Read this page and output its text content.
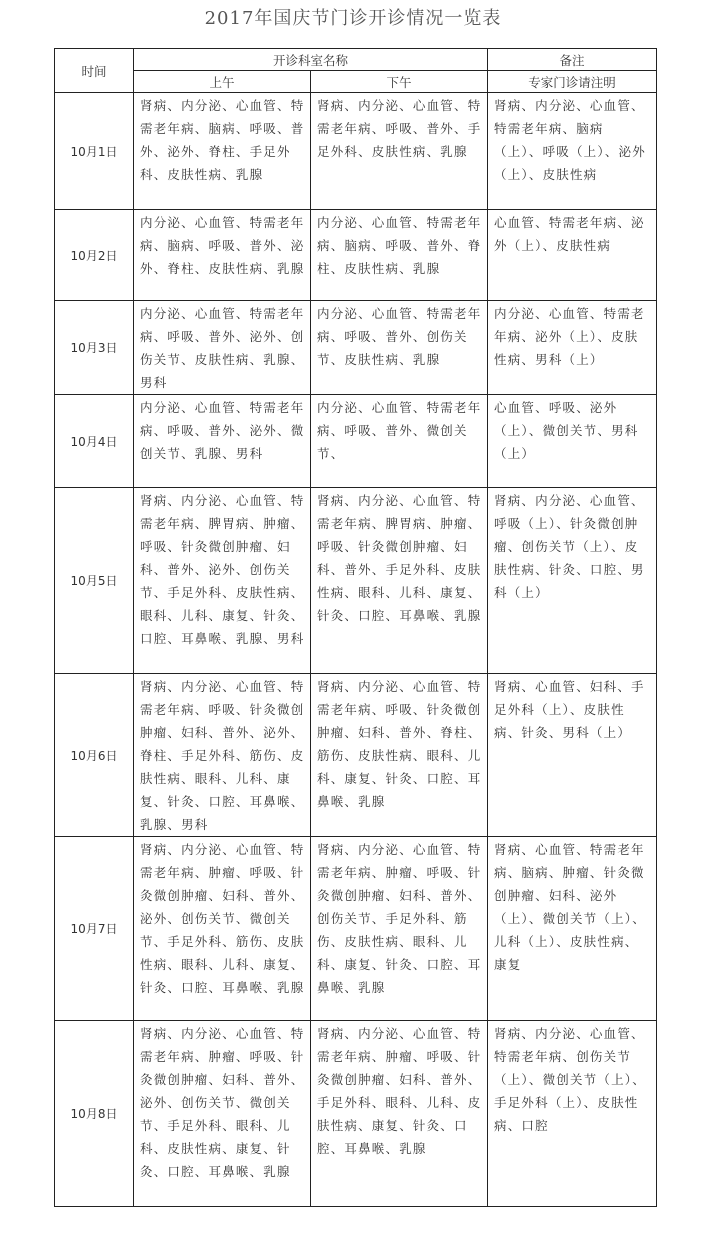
2017年国庆节门诊开诊情况一览表
时间	开诊科室名称		备注
	上午	下午	专家门诊请注明
10月1日	肾病、内分泌、心血管、特需老年病、脑病、呼吸、普外、泌外、脊柱、手足外科、皮肤性病、乳腺	肾病、内分泌、心血管、特需老年病、呼吸、普外、手足外科、皮肤性病、乳腺	肾病、内分泌、心血管、特需老年病、脑病（上）、呼吸（上）、泌外（上）、皮肤性病
10月2日	内分泌、心血管、特需老年病、脑病、呼吸、普外、泌外、脊柱、皮肤性病、乳腺	内分泌、心血管、特需老年病、脑病、呼吸、普外、脊柱、皮肤性病、乳腺	心血管、特需老年病、泌外（上）、皮肤性病
10月3日	内分泌、心血管、特需老年病、呼吸、普外、泌外、创伤关节、皮肤性病、乳腺、男科	内分泌、心血管、特需老年病、呼吸、普外、创伤关节、皮肤性病、乳腺	内分泌、心血管、特需老年病、泌外（上）、皮肤性病、男科（上）
10月4日	内分泌、心血管、特需老年病、呼吸、普外、泌外、微创关节、乳腺、男科	内分泌、心血管、特需老年病、呼吸、普外、微创关节、	心血管、呼吸、泌外（上）、微创关节、男科（上）
10月5日	肾病、内分泌、心血管、特需老年病、脾胃病、肿瘤、呼吸、针灸微创肿瘤、妇科、普外、泌外、创伤关节、手足外科、皮肤性病、眼科、儿科、康复、针灸、口腔、耳鼻喉、乳腺、男科	肾病、内分泌、心血管、特需老年病、脾胃病、肿瘤、呼吸、针灸微创肿瘤、妇科、普外、手足外科、皮肤性病、眼科、儿科、康复、针灸、口腔、耳鼻喉、乳腺	肾病、内分泌、心血管、呼吸（上）、针灸微创肿瘤、创伤关节（上）、皮肤性病、针灸、口腔、男科（上）
10月6日	肾病、内分泌、心血管、特需老年病、呼吸、针灸微创肿瘤、妇科、普外、泌外、脊柱、手足外科、筋伤、皮肤性病、眼科、儿科、康复、针灸、口腔、耳鼻喉、乳腺、男科	肾病、内分泌、心血管、特需老年病、呼吸、针灸微创肿瘤、妇科、普外、脊柱、筋伤、皮肤性病、眼科、儿科、康复、针灸、口腔、耳鼻喉、乳腺	肾病、心血管、妇科、手足外科（上）、皮肤性病、针灸、男科（上）
10月7日	肾病、内分泌、心血管、特需老年病、肿瘤、呼吸、针灸微创肿瘤、妇科、普外、泌外、创伤关节、微创关节、手足外科、筋伤、皮肤性病、眼科、儿科、康复、针灸、口腔、耳鼻喉、乳腺	肾病、内分泌、心血管、特需老年病、肿瘤、呼吸、针灸微创肿瘤、妇科、普外、创伤关节、手足外科、筋伤、皮肤性病、眼科、儿科、康复、针灸、口腔、耳鼻喉、乳腺	肾病、心血管、特需老年病、脑病、肿瘤、针灸微创肿瘤、妇科、泌外（上）、微创关节（上）、儿科（上）、皮肤性病、康复
10月8日	肾病、内分泌、心血管、特需老年病、肿瘤、呼吸、针灸微创肿瘤、妇科、普外、泌外、创伤关节、微创关节、手足外科、眼科、儿科、皮肤性病、康复、针灸、口腔、耳鼻喉、乳腺	肾病、内分泌、心血管、特需老年病、肿瘤、呼吸、针灸微创肿瘤、妇科、普外、手足外科、眼科、儿科、皮肤性病、康复、针灸、口腔、耳鼻喉、乳腺	肾病、内分泌、心血管、特需老年病、创伤关节（上）、微创关节（上）、手足外科（上）、皮肤性病、口腔
